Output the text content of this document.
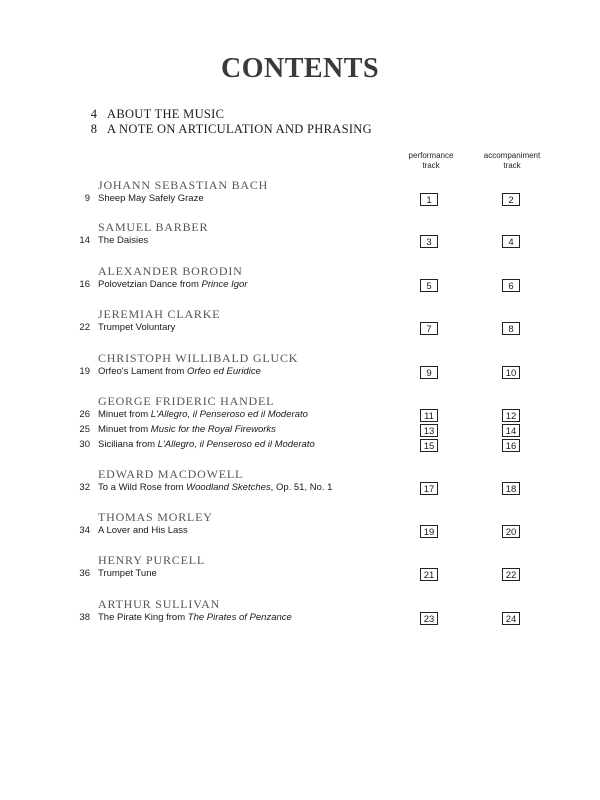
CONTENTS
4 ABOUT THE MUSIC
8 A NOTE ON ARTICULATION AND PHRASING
performance
track
accompaniment
track
JOHANN SEBASTIAN BACH
9 Sheep May Safely Graze	1	2
SAMUEL BARBER
14 The Daisies	3	4
ALEXANDER BORODIN
16 Polovetzian Dance from Prince Igor	5	6
JEREMIAH CLARKE
22 Trumpet Voluntary	7	8
CHRISTOPH WILLIBALD GLUCK
19 Orfeo's Lament from Orfeo ed Euridice	9	10
GEORGE FRIDERIC HANDEL
26 Minuet from L'Allegro, il Penseroso ed il Moderato	11	12
25 Minuet from Music for the Royal Fireworks	13	14
30 Siciliana from L'Allegro, il Penseroso ed il Moderato	15	16
EDWARD MACDOWELL
32 To a Wild Rose from Woodland Sketches, Op. 51, No. 1	17	18
THOMAS MORLEY
34 A Lover and His Lass	19	20
HENRY PURCELL
36 Trumpet Tune	21	22
ARTHUR SULLIVAN
38 The Pirate King from The Pirates of Penzance	23	24
